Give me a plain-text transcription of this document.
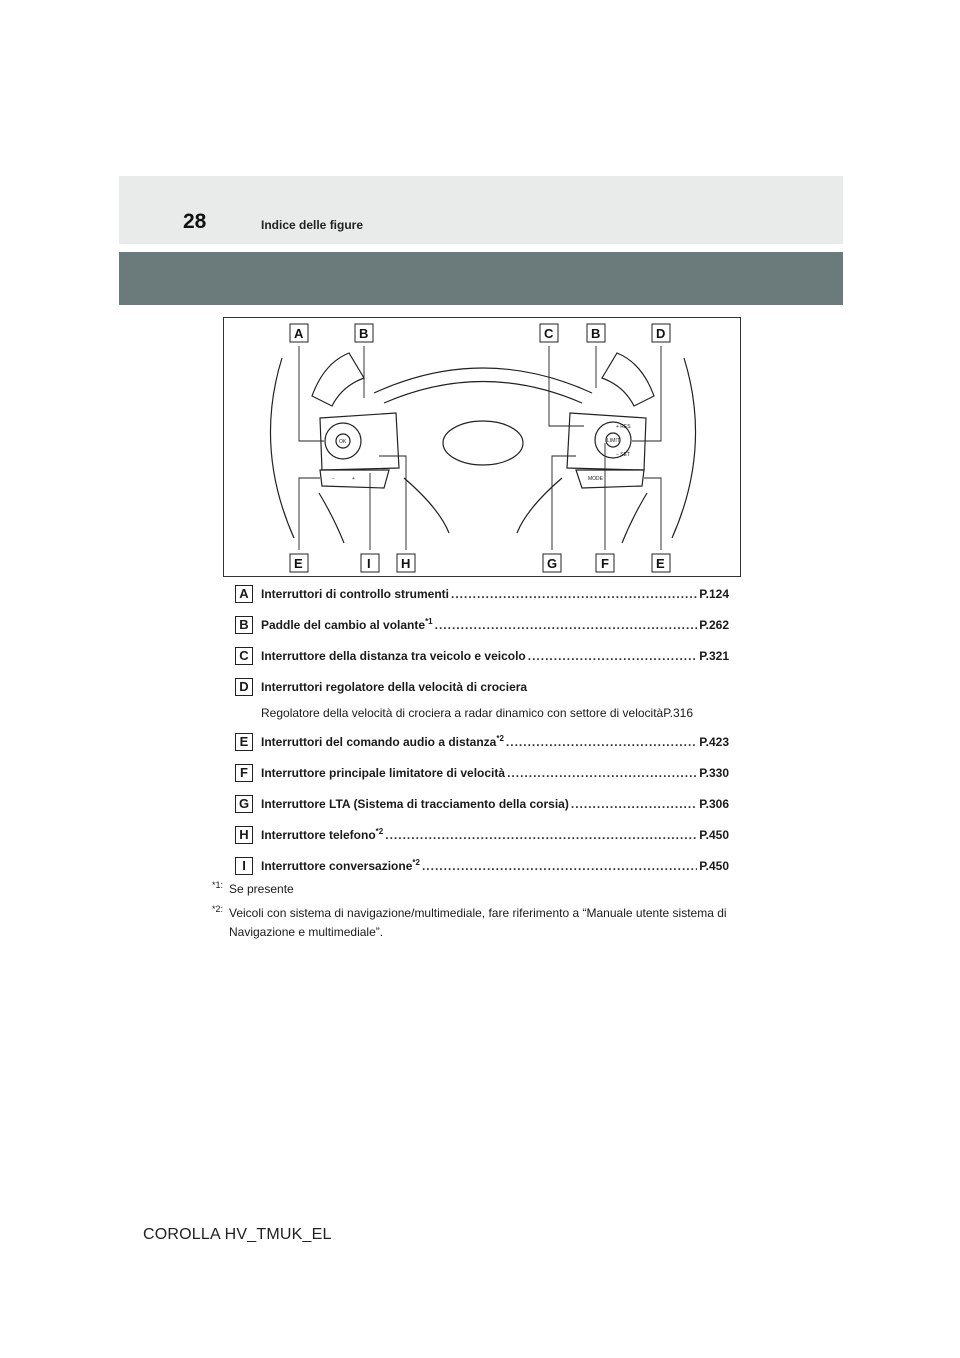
28	Indice delle figure
OK
+ RES
− SET
LIMIT
MODE
−	+
A	B	C	B	D
E	I H	G	F	E
A	Interruttori di controllo strumenti .....	P.124
B	Paddle del cambio al volante$^{*1}$ .....	P.262
C	Interruttore della distanza tra veicolo e veicolo .....	P.321
D	Interruttori regolatore della velocità di crociera
Regolatore della velocità di crociera a radar dinamico con settore di velocità P.316
E	Interruttori del comando audio a distanza$^{*2}$ .....	P.423
F	Interruttore principale limitatore di velocità .....	P.330
G Interruttore LTA (Sistema di tracciamento della corsia) .....	P.306
H	Interruttore telefono$^{*2}$ .....	P.450
I	Interruttore conversazione$^{*2}$ .....	P.450
*1: Se presente
*2: Veicoli con sistema di navigazione/multimediale, fare riferimento a “Manuale utente sistema di Navigazione e multimediale”.
COROLLA HV_TMUK_EL
